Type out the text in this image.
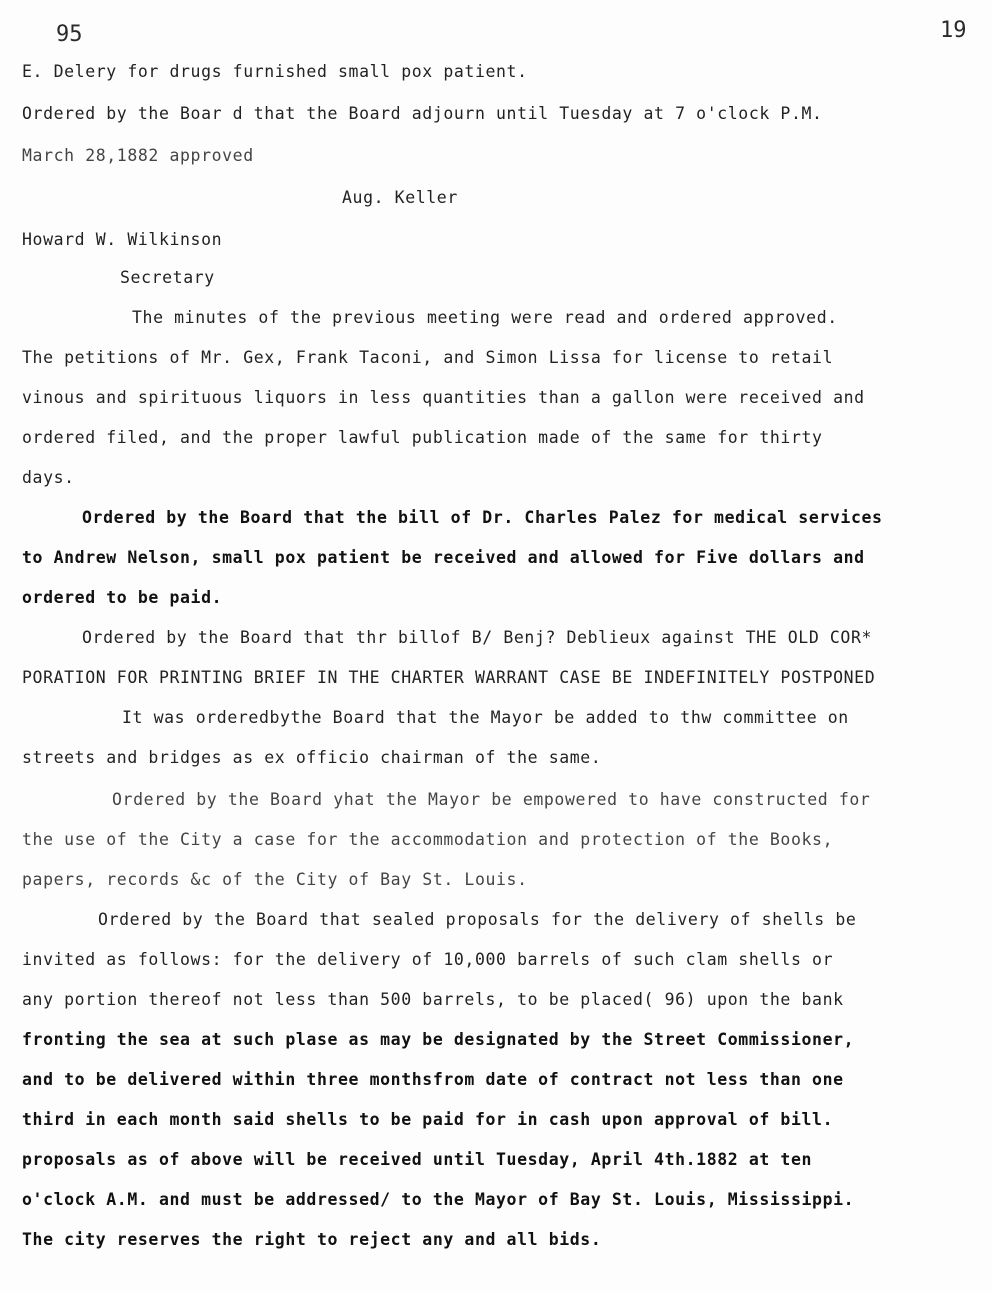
95	19
E. Delery for drugs furnished small pox patient.
Ordered by the Boar d that the Board adjourn until Tuesday at 7 o'clock P.M.
March 28,1882 approved
Aug. Keller
Howard W. Wilkinson
Secretary
The minutes of the previous meeting were read and ordered approved.
The petitions of Mr. Gex, Frank Taconi, and Simon Lissa for license to retail
vinous and spirituous liquors in less quantities than a gallon were received and
ordered filed, and the proper lawful publication made of the same for thirty
days.
Ordered by the Board that the bill of Dr. Charles Palez for medical services
to Andrew Nelson, small pox patient be received and allowed for Five dollars and
ordered to be paid.
Ordered by the Board that thr billof B/ Benj? Deblieux against THE OLD COR*
PORATION FOR PRINTING BRIEF IN THE CHARTER WARRANT CASE BE INDEFINITELY POSTPONED
It was orderedbythe Board that the Mayor be added to thw committee on
streets and bridges as ex officio chairman of the same.
Ordered by the Board yhat the Mayor be empowered to have constructed for
the use of the City a case for the accommodation and protection of the Books,
papers, records &c of the City of Bay St. Louis.
Ordered by the Board that sealed proposals for the delivery of shells be
invited as follows: for the delivery of 10,000 barrels of such clam shells or
any portion thereof not less than 500 barrels, to be placed( 96) upon the bank
fronting the sea at such plase as may be designated by the Street Commissioner,
and to be delivered within three monthsfrom date of contract not less than one
third in each month said shells to be paid for in cash upon approval of bill.
proposals as of above will be received until Tuesday, April 4th.1882 at ten
o'clock A.M. and must be addressed/ to the Mayor of Bay St. Louis, Mississippi.
The city reserves the right to reject any and all bids.
